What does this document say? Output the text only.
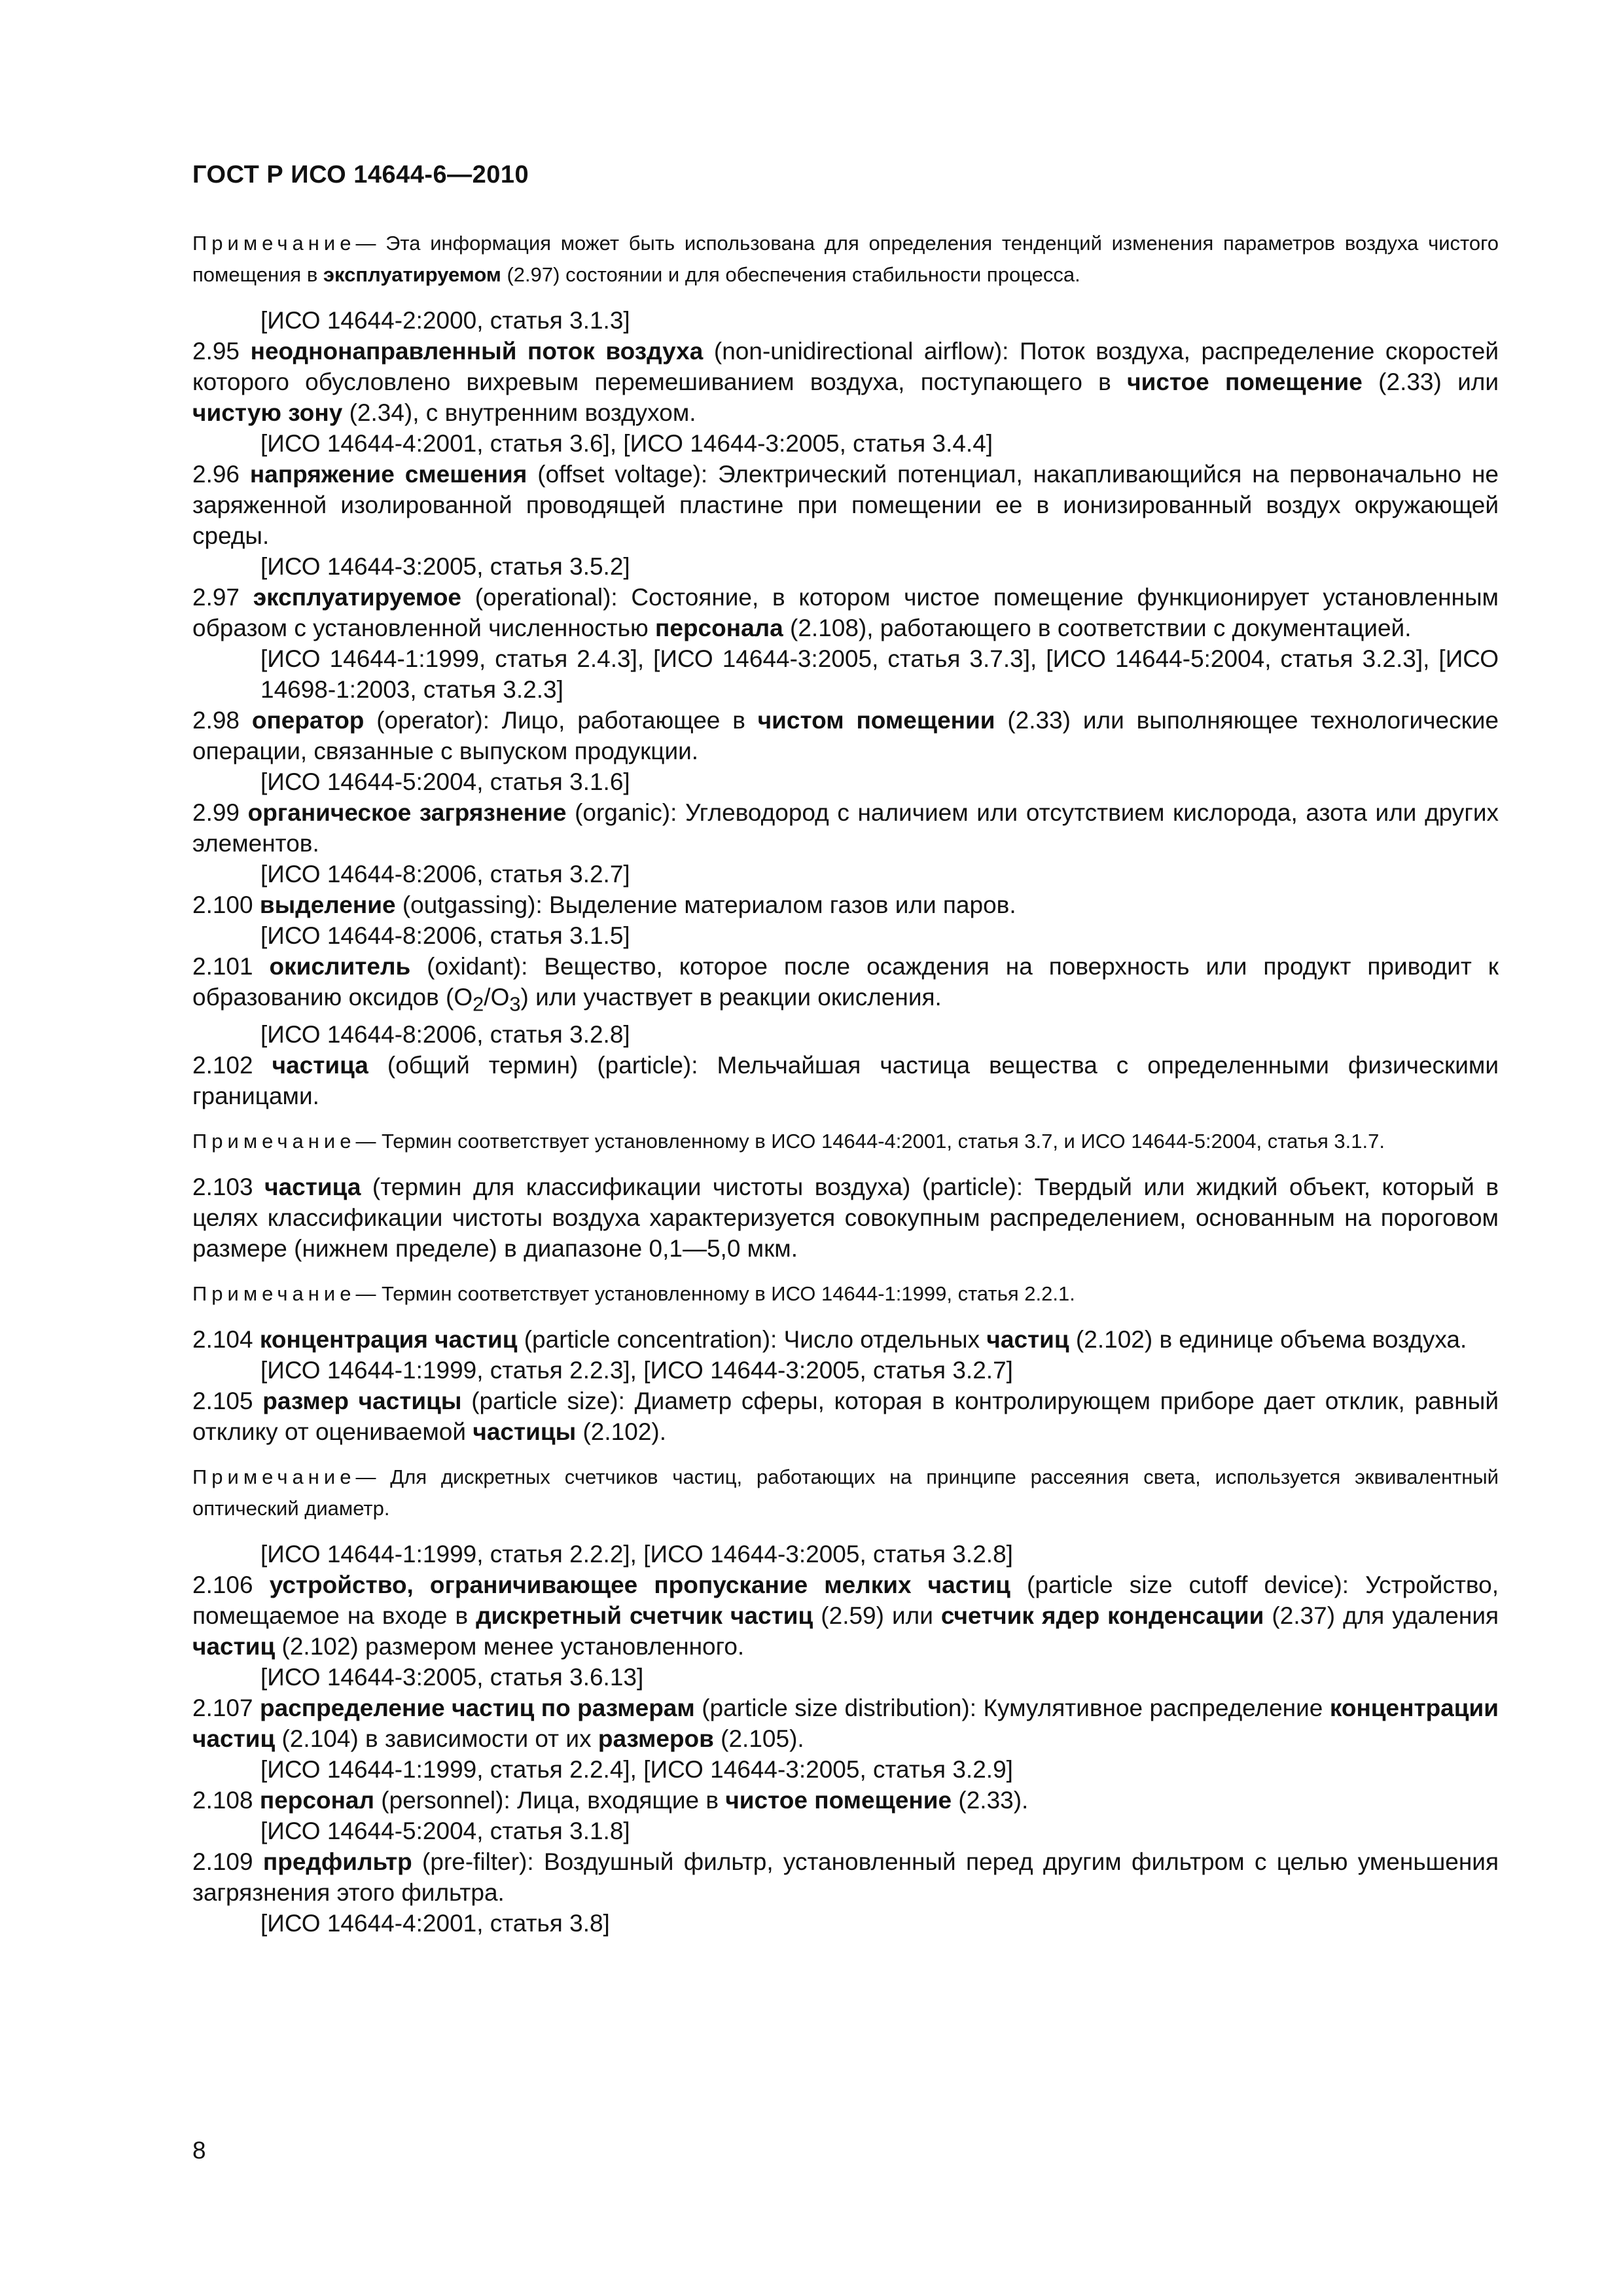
ГОСТ Р ИСО 14644-6—2010

Примечание— Эта информация может быть использована для определения тенденций изменения параметров воздуха чистого помещения в эксплуатируемом (2.97) состоянии и для обеспечения стабильности процесса.

[ИСО 14644-2:2000, статья 3.1.3]

2.95 неоднонаправленный поток воздуха (non-unidirectional airflow): Поток воздуха, распределение скоростей которого обусловлено вихревым перемешиванием воздуха, поступающего в чистое помещение (2.33) или чистую зону (2.34), с внутренним воздухом.

[ИСО 14644-4:2001, статья 3.6], [ИСО 14644-3:2005, статья 3.4.4]

2.96 напряжение смешения (offset voltage): Электрический потенциал, накапливающийся на первоначально не заряженной изолированной проводящей пластине при помещении ее в ионизированный воздух окружающей среды.

[ИСО 14644-3:2005, статья 3.5.2]

2.97 эксплуатируемое (operational): Состояние, в котором чистое помещение функционирует установленным образом с установленной численностью персонала (2.108), работающего в соответствии с документацией.

[ИСО 14644-1:1999, статья 2.4.3], [ИСО 14644-3:2005, статья 3.7.3], [ИСО 14644-5:2004, статья 3.2.3], [ИСО 14698-1:2003, статья 3.2.3]

2.98 оператор (operator): Лицо, работающее в чистом помещении (2.33) или выполняющее технологические операции, связанные с выпуском продукции.

[ИСО 14644-5:2004, статья 3.1.6]

2.99 органическое загрязнение (organic): Углеводород с наличием или отсутствием кислорода, азота или других элементов.

[ИСО 14644-8:2006, статья 3.2.7]

2.100 выделение (outgassing): Выделение материалом газов или паров.

[ИСО 14644-8:2006, статья 3.1.5]

2.101 окислитель (oxidant): Вещество, которое после осаждения на поверхность или продукт приводит к образованию оксидов $(O_2/O_3)$ или участвует в реакции окисления.

[ИСО 14644-8:2006, статья 3.2.8]

2.102 частица (общий термин) (particle): Мельчайшая частица вещества с определенными физическими границами.

Примечание— Термин соответствует установленному в ИСО 14644-4:2001, статья 3.7, и ИСО 14644-5:2004, статья 3.1.7.

2.103 частица (термин для классификации чистоты воздуха) (particle): Твердый или жидкий объект, который в целях классификации чистоты воздуха характеризуется совокупным распределением, основанным на пороговом размере (нижнем пределе) в диапазоне 0,1—5,0 мкм.

Примечание— Термин соответствует установленному в ИСО 14644-1:1999, статья 2.2.1.

2.104 концентрация частиц (particle concentration): Число отдельных частиц (2.102) в единице объема воздуха.

[ИСО 14644-1:1999, статья 2.2.3], [ИСО 14644-3:2005, статья 3.2.7]

2.105 размер частицы (particle size): Диаметр сферы, которая в контролирующем приборе дает отклик, равный отклику от оцениваемой частицы (2.102).

Примечание— Для дискретных счетчиков частиц, работающих на принципе рассеяния света, используется эквивалентный оптический диаметр.

[ИСО 14644-1:1999, статья 2.2.2], [ИСО 14644-3:2005, статья 3.2.8]

2.106 устройство, ограничивающее пропускание мелких частиц (particle size cutoff device): Устройство, помещаемое на входе в дискретный счетчик частиц (2.59) или счетчик ядер конденсации (2.37) для удаления частиц (2.102) размером менее установленного.

[ИСО 14644-3:2005, статья 3.6.13]

2.107 распределение частиц по размерам (particle size distribution): Кумулятивное распределение концентрации частиц (2.104) в зависимости от их размеров (2.105).

[ИСО 14644-1:1999, статья 2.2.4], [ИСО 14644-3:2005, статья 3.2.9]

2.108 персонал (personnel): Лица, входящие в чистое помещение (2.33).

[ИСО 14644-5:2004, статья 3.1.8]

2.109 предфильтр (pre-filter): Воздушный фильтр, установленный перед другим фильтром с целью уменьшения загрязнения этого фильтра.

[ИСО 14644-4:2001, статья 3.8]

8
